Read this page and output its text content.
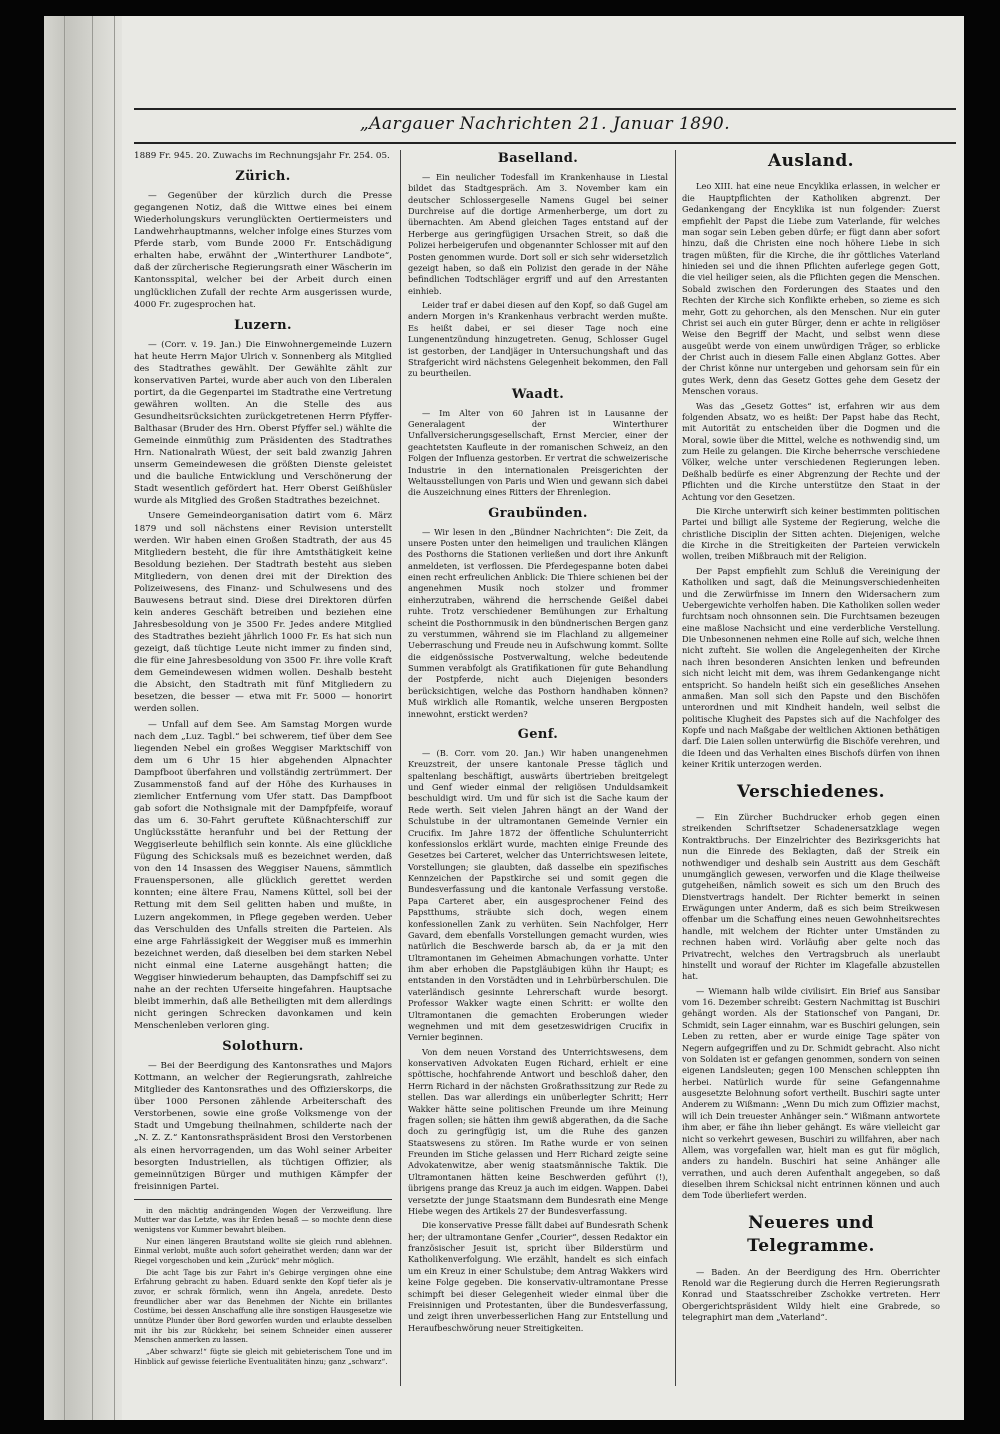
„Aargauer Nachrichten 21. Januar 1890.

1889 Fr. 945. 20. Zuwachs im Rechnungsjahr Fr. 254. 05.

Zürich.

— Gegenüber der kürzlich durch die Presse gegangenen Notiz, daß die Wittwe eines bei einem Wiederholungskurs verunglückten Oertiermeisters und Landwehrhauptmanns, welcher infolge eines Sturzes vom Pferde starb, vom Bunde 2000 Fr. Entschädigung erhalten habe, erwähnt der „Winterthurer Landbote“, daß der zürcherische Regierungsrath einer Wäscherin im Kantonsspital, welcher bei der Arbeit durch einen unglücklichen Zufall der rechte Arm ausgerissen wurde, 4000 Fr. zugesprochen hat.

Luzern.

— (Corr. v. 19. Jan.) Die Einwohnergemeinde Luzern hat heute Herrn Major Ulrich v. Sonnenberg als Mitglied des Stadtrathes gewählt. Der Gewählte zählt zur konservativen Partei, wurde aber auch von den Liberalen portirt, da die Gegenpartei im Stadtrathe eine Vertretung gewähren wollten. An die Stelle des aus Gesundheitsrücksichten zurückgetretenen Herrn Pfyffer-Balthasar (Bruder des Hrn. Oberst Pfyffer sel.) wählte die Gemeinde einmüthig zum Präsidenten des Stadtrathes Hrn. Nationalrath Wüest, der seit bald zwanzig Jahren unserm Gemeindewesen die größten Dienste geleistet und die bauliche Entwicklung und Verschönerung der Stadt wesentlich gefördert hat. Herr Oberst Geißhüsler wurde als Mitglied des Großen Stadtrathes bezeichnet.

Unsere Gemeindeorganisation datirt vom 6. März 1879 und soll nächstens einer Revision unterstellt werden. Wir haben einen Großen Stadtrath, der aus 45 Mitgliedern besteht, die für ihre Amtsthätigkeit keine Besoldung beziehen. Der Stadtrath besteht aus sieben Mitgliedern, von denen drei mit der Direktion des Polizeiwesens, des Finanz- und Schulwesens und des Bauwesens betraut sind. Diese drei Direktoren dürfen kein anderes Geschäft betreiben und beziehen eine Jahresbesoldung von je 3500 Fr. Jedes andere Mitglied des Stadtrathes bezieht jährlich 1000 Fr. Es hat sich nun gezeigt, daß tüchtige Leute nicht immer zu finden sind, die für eine Jahresbesoldung von 3500 Fr. ihre volle Kraft dem Gemeindewesen widmen wollen. Deshalb besteht die Absicht, den Stadtrath mit fünf Mitgliedern zu besetzen, die besser — etwa mit Fr. 5000 — honorirt werden sollen.

— Unfall auf dem See. Am Samstag Morgen wurde nach dem „Luz. Tagbl.“ bei schwerem, tief über dem See liegenden Nebel ein großes Weggiser Marktschiff von dem um 6 Uhr 15 hier abgehenden Alpnachter Dampfboot überfahren und vollständig zertrümmert. Der Zusammenstoß fand auf der Höhe des Kurhauses in ziemlicher Entfernung vom Ufer statt. Das Dampfboot gab sofort die Nothsignale mit der Dampfpfeife, worauf das um 6. 30-Fahrt geruftete Küßnachterschiff zur Unglücksstätte heranfuhr und bei der Rettung der Weggiserleute behilflich sein konnte. Als eine glückliche Fügung des Schicksals muß es bezeichnet werden, daß von den 14 Insassen des Weggiser Nauens, sämmtlich Frauenspersonen, alle glücklich gerettet werden konnten; eine ältere Frau, Namens Küttel, soll bei der Rettung mit dem Seil gelitten haben und mußte, in Luzern angekommen, in Pflege gegeben werden. Ueber das Verschulden des Unfalls streiten die Parteien. Als eine arge Fahrlässigkeit der Weggiser muß es immerhin bezeichnet werden, daß dieselben bei dem starken Nebel nicht einmal eine Laterne ausgehängt hatten; die Weggiser hinwiederum behaupten, das Dampfschiff sei zu nahe an der rechten Uferseite hingefahren. Hauptsache bleibt immerhin, daß alle Betheiligten mit dem allerdings nicht geringen Schrecken davonkamen und kein Menschenleben verloren ging.

Solothurn.

— Bei der Beerdigung des Kantonsrathes und Majors Kottmann, an welcher der Regierungsrath, zahlreiche Mitglieder des Kantonsrathes und des Offizierskorps, die über 1000 Personen zählende Arbeiterschaft des Verstorbenen, sowie eine große Volksmenge von der Stadt und Umgebung theilnahmen, schilderte nach der „N. Z. Z.“ Kantonsrathspräsident Brosi den Verstorbenen als einen hervorragenden, um das Wohl seiner Arbeiter besorgten Industriellen, als tüchtigen Offizier, als gemeinnützigen Bürger und muthigen Kämpfer der freisinnigen Partei.

in den mächtig andrängenden Wogen der Verzweiflung. Ihre Mutter war das Letzte, was ihr Erden besaß — so mochte denn diese wenigstens vor Kummer bewahrt bleiben.

Nur einen längeren Brautstand wollte sie gleich rund ablehnen. Einmal verlobt, mußte auch sofort geheirathet werden; dann war der Riegel vorgeschoben und kein „Zurück“ mehr möglich.

Die acht Tage bis zur Fahrt in's Gebirge vergingen ohne eine Erfahrung gebracht zu haben. Eduard senkte den Kopf tiefer als je zuvor, er schrak förmlich, wenn ihn Angela, anredete. Desto freundlicher aber war das Benehmen der Nichte ein brillantes Costüme, bei dessen Anschaffung alle ihre sonstigen Hausgesetze wie unnütze Plunder über Bord geworfen wurden und erlaubte desselben mit ihr bis zur Rückkehr, bei seinem Schneider einen ausserer Menschen anmerken zu lassen.

„Aber schwarz!“ fügte sie gleich mit gebieterischem Tone und im Hinblick auf gewisse feierliche Eventualitäten hinzu; ganz „schwarz“.

Baselland.

— Ein neulicher Todesfall im Krankenhause in Liestal bildet das Stadtgespräch. Am 3. November kam ein deutscher Schlossergeselle Namens Gugel bei seiner Durchreise auf die dortige Armenherberge, um dort zu übernachten. Am Abend gleichen Tages entstand auf der Herberge aus geringfügigen Ursachen Streit, so daß die Polizei herbeigerufen und obgenannter Schlosser mit auf den Posten genommen wurde. Dort soll er sich sehr widersetzlich gezeigt haben, so daß ein Polizist den gerade in der Nähe befindlichen Todtschläger ergriff und auf den Arrestanten einhieb.

Leider traf er dabei diesen auf den Kopf, so daß Gugel am andern Morgen in's Krankenhaus verbracht werden mußte. Es heißt dabei, er sei dieser Tage noch eine Lungenentzündung hinzugetreten. Genug, Schlosser Gugel ist gestorben, der Landjäger in Untersuchungshaft und das Strafgericht wird nächstens Gelegenheit bekommen, den Fall zu beurtheilen.

Waadt.

— Im Alter von 60 Jahren ist in Lausanne der Generalagent der Winterthurer Unfallversicherungsgesellschaft, Ernst Mercier, einer der geachtetsten Kaufleute in der romanischen Schweiz, an den Folgen der Influenza gestorben. Er vertrat die schweizerische Industrie in den internationalen Preisgerichten der Weltausstellungen von Paris und Wien und gewann sich dabei die Auszeichnung eines Ritters der Ehrenlegion.

Graubünden.

— Wir lesen in den „Bündner Nachrichten“: Die Zeit, da unsere Posten unter den heimeligen und traulichen Klängen des Posthorns die Stationen verließen und dort ihre Ankunft anmeldeten, ist verflossen. Die Pferdegespanne boten dabei einen recht erfreulichen Anblick: Die Thiere schienen bei der angenehmen Musik noch stolzer und frommer einherzutraben, während die herrschende Geißel dabei ruhte. Trotz verschiedener Bemühungen zur Erhaltung scheint die Posthornmusik in den bündnerischen Bergen ganz zu verstummen, während sie im Flachland zu allgemeiner Ueberraschung und Freude neu in Aufschwung kommt. Sollte die eidgenössische Postverwaltung, welche bedeutende Summen verabfolgt als Gratifikationen für gute Behandlung der Postpferde, nicht auch Diejenigen besonders berücksichtigen, welche das Posthorn handhaben können? Muß wirklich alle Romantik, welche unseren Bergposten innewohnt, erstickt werden?

Genf.

— (B. Corr. vom 20. Jan.) Wir haben unangenehmen Kreuzstreit, der unsere kantonale Presse täglich und spaltenlang beschäftigt, auswärts übertrieben breitgelegt und Genf wieder einmal der religiösen Unduldsamkeit beschuldigt wird. Um und für sich ist die Sache kaum der Rede werth. Seit vielen Jahren hängt an der Wand der Schulstube in der ultramontanen Gemeinde Vernier ein Crucifix. Im Jahre 1872 der öffentliche Schulunterricht konfessionslos erklärt wurde, machten einige Freunde des Gesetzes bei Carteret, welcher das Unterrichtswesen leitete, Vorstellungen; sie glaubten, daß dasselbe ein spezifisches Kennzeichen der Papstkirche sei und somit gegen die Bundesverfassung und die kantonale Verfassung verstoße. Papa Carteret aber, ein ausgesprochener Feind des Papstthums, sträubte sich doch, wegen einem konfessionellen Zank zu verhüten. Sein Nachfolger, Herr Gavard, dem ebenfalls Vorstellungen gemacht wurden, wies natürlich die Beschwerde barsch ab, da er ja mit den Ultramontanen im Geheimen Abmachungen vorhatte. Unter ihm aber erhoben die Papstgläubigen kühn ihr Haupt; es entstanden in den Vorstädten und in Lehrbürberschulen. Die vaterländisch gesinnte Lehrerschaft wurde besorgt. Professor Wakker wagte einen Schritt: er wollte den Ultramontanen die gemachten Eroberungen wieder wegnehmen und mit dem gesetzeswidrigen Crucifix in Vernier beginnen.

Von dem neuen Vorstand des Unterrichtswesens, dem konservativen Advokaten Eugen Richard, erhielt er eine spöttische, hochfahrende Antwort und beschloß daher, den Herrn Richard in der nächsten Großrathssitzung zur Rede zu stellen. Das war allerdings ein unüberlegter Schritt; Herr Wakker hätte seine politischen Freunde um ihre Meinung fragen sollen; sie hätten ihm gewiß abgerathen, da die Sache doch zu geringfügig ist, um die Ruhe des ganzen Staatswesens zu stören. Im Rathe wurde er von seinen Freunden im Stiche gelassen und Herr Richard zeigte seine Advokatenwitze, aber wenig staatsmännische Taktik. Die Ultramontanen hätten keine Beschwerden geführt (!), übrigens prange das Kreuz ja auch im eidgen. Wappen. Dabei versetzte der junge Staatsmann dem Bundesrath eine Menge Hiebe wegen des Artikels 27 der Bundesverfassung.

Die konservative Presse fällt dabei auf Bundesrath Schenk her; der ultramontane Genfer „Courier“, dessen Redaktor ein französischer Jesuit ist, spricht über Bilderstürm und Katholikenverfolgung. Wie erzählt, handelt es sich einfach um ein Kreuz in einer Schulstube; dem Antrag Wakkers wird keine Folge gegeben. Die konservativ-ultramontane Presse schimpft bei dieser Gelegenheit wieder einmal über die Freisinnigen und Protestanten, über die Bundesverfassung, und zeigt ihren unverbesserlichen Hang zur Entstellung und Heraufbeschwörung neuer Streitigkeiten.

Ausland.

Leo XIII. hat eine neue Encyklika erlassen, in welcher er die Hauptpflichten der Katholiken abgrenzt. Der Gedankengang der Encyklika ist nun folgender: Zuerst empfiehlt der Papst die Liebe zum Vaterlande, für welches man sogar sein Leben geben dürfe; er fügt dann aber sofort hinzu, daß die Christen eine noch höhere Liebe in sich tragen müßten, für die Kirche, die ihr göttliches Vaterland hinieden sei und die ihnen Pflichten auferlege gegen Gott, die viel heiliger seien, als die Pflichten gegen die Menschen. Sobald zwischen den Forderungen des Staates und den Rechten der Kirche sich Konflikte erheben, so zieme es sich mehr, Gott zu gehorchen, als den Menschen. Nur ein guter Christ sei auch ein guter Bürger, denn er achte in religiöser Weise den Begriff der Macht, und selbst wenn diese ausgeübt werde von einem unwürdigen Träger, so erblicke der Christ auch in diesem Falle einen Abglanz Gottes. Aber der Christ könne nur untergeben und gehorsam sein für ein gutes Werk, denn das Gesetz Gottes gehe dem Gesetz der Menschen voraus.

Was das „Gesetz Gottes“ ist, erfahren wir aus dem folgenden Absatz, wo es heißt: Der Papst habe das Recht, mit Autorität zu entscheiden über die Dogmen und die Moral, sowie über die Mittel, welche es nothwendig sind, um zum Heile zu gelangen. Die Kirche beherrsche verschiedene Völker, welche unter verschiedenen Regierungen leben. Deßhalb bedürfe es einer Abgrenzung der Rechte und der Pflichten und die Kirche unterstütze den Staat in der Achtung vor den Gesetzen.

Die Kirche unterwirft sich keiner bestimmten politischen Partei und billigt alle Systeme der Regierung, welche die christliche Disciplin der Sitten achten. Diejenigen, welche die Kirche in die Streitigkeiten der Parteien verwickeln wollen, treiben Mißbrauch mit der Religion.

Der Papst empfiehlt zum Schluß die Vereinigung der Katholiken und sagt, daß die Meinungsverschiedenheiten und die Zerwürfnisse im Innern den Widersachern zum Uebergewichte verholfen haben. Die Katholiken sollen weder furchtsam noch ohnsonnen sein. Die Furchtsamen bezeugen eine maßlose Nachsicht und eine verderbliche Verstellung. Die Unbesonnenen nehmen eine Rolle auf sich, welche ihnen nicht zufteht. Sie wollen die Angelegenheiten der Kirche nach ihren besonderen Ansichten lenken und befreunden sich nicht leicht mit dem, was ihrem Gedankengange nicht entspricht. So handeln heißt sich ein geseßliches Ansehen anmaßen. Man soll sich den Papste und den Bischöfen unterordnen und mit Kindheit handeln, weil selbst die politische Klugheit des Papstes sich auf die Nachfolger des Kopfe und nach Maßgabe der weltlichen Aktionen bethätigen darf. Die Laien sollen unterwürfig die Bischöfe verehren, und die Ideen und das Verhalten eines Bischofs dürfen von ihnen keiner Kritik unterzogen werden.

Verschiedenes.

— Ein Zürcher Buchdrucker erhob gegen einen streikenden Schriftsetzer Schadenersatzklage wegen Kontraktbruchs. Der Einzelrichter des Bezirksgerichts hat nun die Einrede des Beklagten, daß der Streik ein nothwendiger und deshalb sein Austritt aus dem Geschäft unumgänglich gewesen, verworfen und die Klage theilweise gutgeheißen, nämlich soweit es sich um den Bruch des Dienstvertrags handelt. Der Richter bemerkt in seinen Erwägungen unter Anderm, daß es sich beim Streikwesen offenbar um die Schaffung eines neuen Gewohnheitsrechtes handle, mit welchem der Richter unter Umständen zu rechnen haben wird. Vorläufig aber gelte noch das Privatrecht, welches den Vertragsbruch als unerlaubt hinstellt und worauf der Richter im Klagefalle abzustellen hat.

— Wiemann halb wilde civilisirt. Ein Brief aus Sansibar vom 16. Dezember schreibt: Gestern Nachmittag ist Buschiri gehängt worden. Als der Stationschef von Pangani, Dr. Schmidt, sein Lager einnahm, war es Buschiri gelungen, sein Leben zu retten, aber er wurde einige Tage später von Negern aufgegriffen und zu Dr. Schmidt gebracht. Also nicht von Soldaten ist er gefangen genommen, sondern von seinen eigenen Landsleuten; gegen 100 Menschen schleppten ihn herbei. Natürlich wurde für seine Gefangennahme ausgesetzte Belohnung sofort vertheilt. Buschiri sagte unter Anderem zu Wißmann: „Wenn Du mich zum Offizier machst, will ich Dein treuester Anhänger sein.“ Wißmann antwortete ihm aber, er fähe ihn lieber gehängt. Es wäre vielleicht gar nicht so verkehrt gewesen, Buschiri zu willfahren, aber nach Allem, was vorgefallen war, hielt man es gut für möglich, anders zu handeln. Buschiri hat seine Anhänger alle verrathen, und auch deren Aufenthalt angegeben, so daß dieselben ihrem Schicksal nicht entrinnen können und auch dem Tode überliefert werden.

Neueres und Telegramme.

— Baden. An der Beerdigung des Hrn. Oberrichter Renold war die Regierung durch die Herren Regierungsrath Konrad und Staatsschreiber Zschokke vertreten. Herr Obergerichtspräsident Wildy hielt eine Grabrede, so telegraphirt man dem „Vaterland“.
